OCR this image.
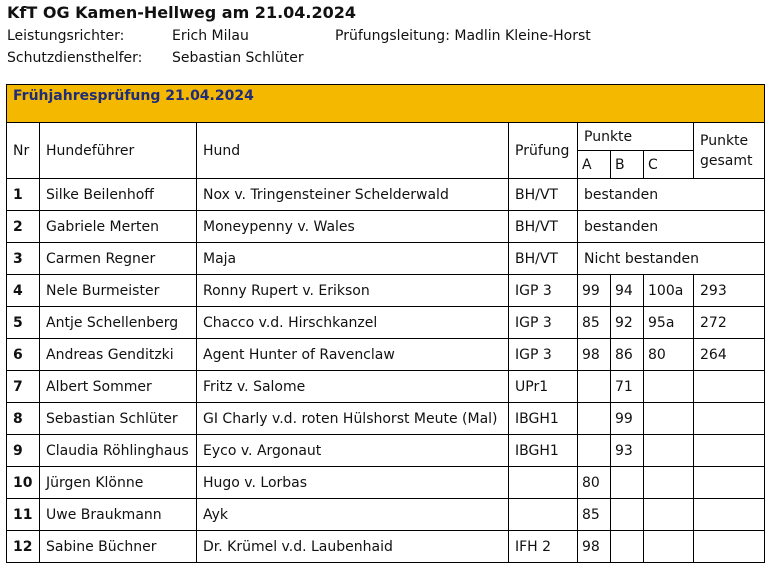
KfT OG Kamen-Hellweg am 21.04.2024
Leistungsrichter:	Erich Milau	Prüfungsleitung: Madlin Kleine-Horst
Schutzdiensthelfer: Sebastian Schlüter
Frühjahresprüfung 21.04.2024							
Nr	Hundeführer	Hund	Prüfung	Punkte			Punkte gesamt
				A	B	C	
1	Silke Beilenhoff	Nox v. Tringensteiner Schelderwald	BH/VT	bestanden			
2	Gabriele Merten	Moneypenny v. Wales	BH/VT	bestanden			
3	Carmen Regner	Maja	BH/VT	Nicht bestanden			
4	Nele Burmeister	Ronny Rupert v. Erikson	IGP 3	99	94	100a	293
5	Antje Schellenberg	Chacco v.d. Hirschkanzel	IGP 3	85	92	95a	272
6	Andreas Genditzki	Agent Hunter of Ravenclaw	IGP 3	98	86	80	264
7	Albert Sommer	Fritz v. Salome	UPr1		71		
8	Sebastian Schlüter	GI Charly v.d. roten Hülshorst Meute (Mal)	IBGH1		99		
9	Claudia Röhlinghaus	Eyco v. Argonaut	IBGH1		93		
10	Jürgen Klönne	Hugo v. Lorbas		80			
11	Uwe Braukmann	Ayk		85			
12	Sabine Büchner	Dr. Krümel v.d. Laubenhaid	IFH 2	98			
